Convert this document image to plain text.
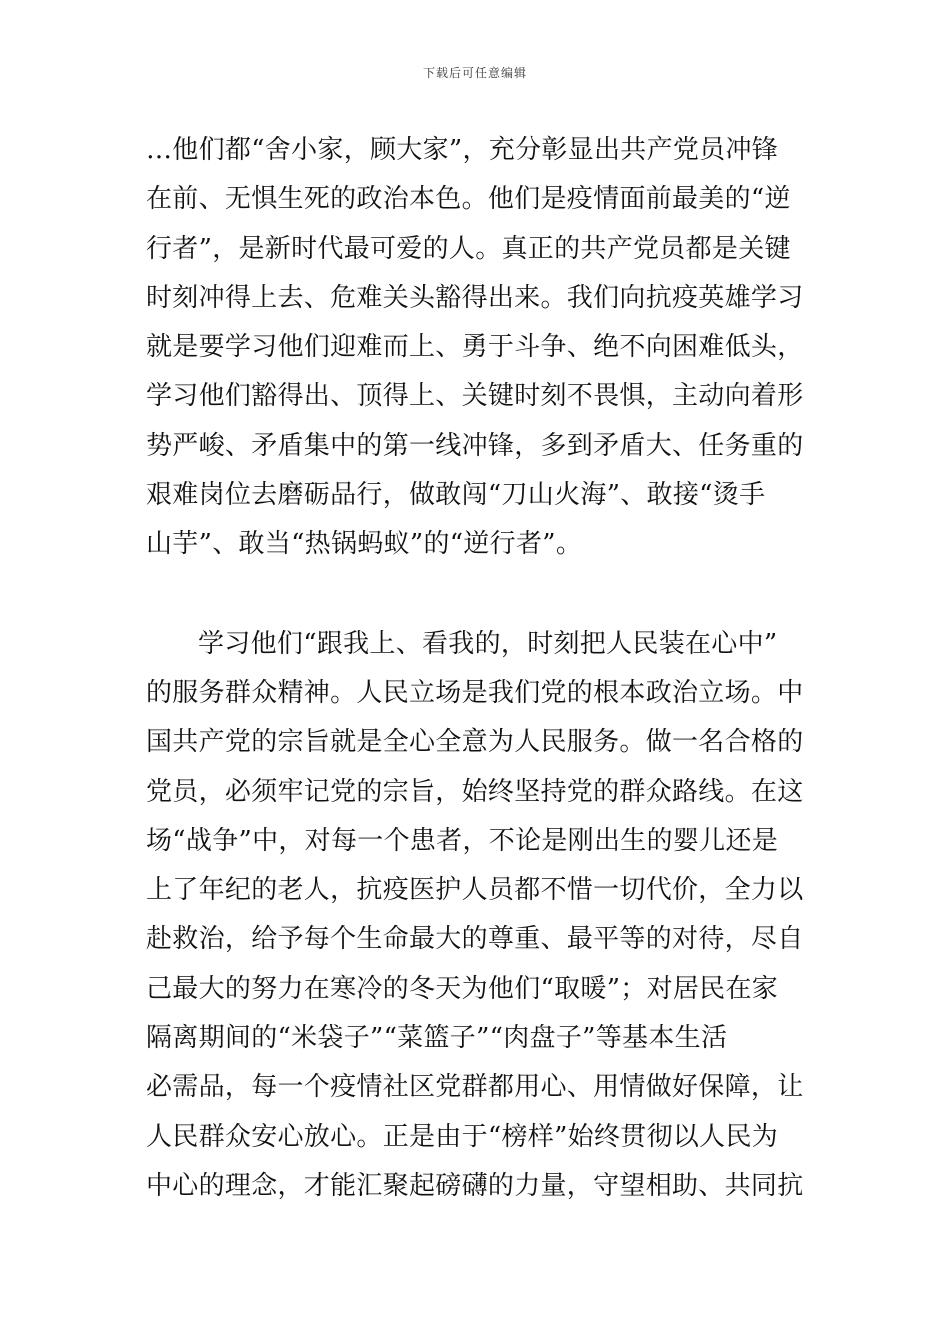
下载后可任意编辑
…他们都“舍小家，顾大家”，充分彰显出共产党员冲锋
在前、无惧生死的政治本色。他们是疫情面前最美的“逆
行者”，是新时代最可爱的人。真正的共产党员都是关键
时刻冲得上去、危难关头豁得出来。我们向抗疫英雄学习
就是要学习他们迎难而上、勇于斗争、绝不向困难低头，
学习他们豁得出、顶得上、关键时刻不畏惧，主动向着形
势严峻、矛盾集中的第一线冲锋，多到矛盾大、任务重的
艰难岗位去磨砺品行，做敢闯“刀山火海”、敢接“烫手
山芋”、敢当“热锅蚂蚁”的“逆行者”。
学习他们“跟我上、看我的，时刻把人民装在心中”
的服务群众精神。人民立场是我们党的根本政治立场。中
国共产党的宗旨就是全心全意为人民服务。做一名合格的
党员，必须牢记党的宗旨，始终坚持党的群众路线。在这
场“战争”中，对每一个患者，不论是刚出生的婴儿还是
上了年纪的老人，抗疫医护人员都不惜一切代价，全力以
赴救治，给予每个生命最大的尊重、最平等的对待，尽自
己最大的努力在寒冷的冬天为他们“取暖”；对居民在家
隔离期间的“米袋子”“菜篮子”“肉盘子”等基本生活
必需品，每一个疫情社区党群都用心、用情做好保障，让
人民群众安心放心。正是由于“榜样”始终贯彻以人民为
中心的理念，才能汇聚起磅礴的力量，守望相助、共同抗
